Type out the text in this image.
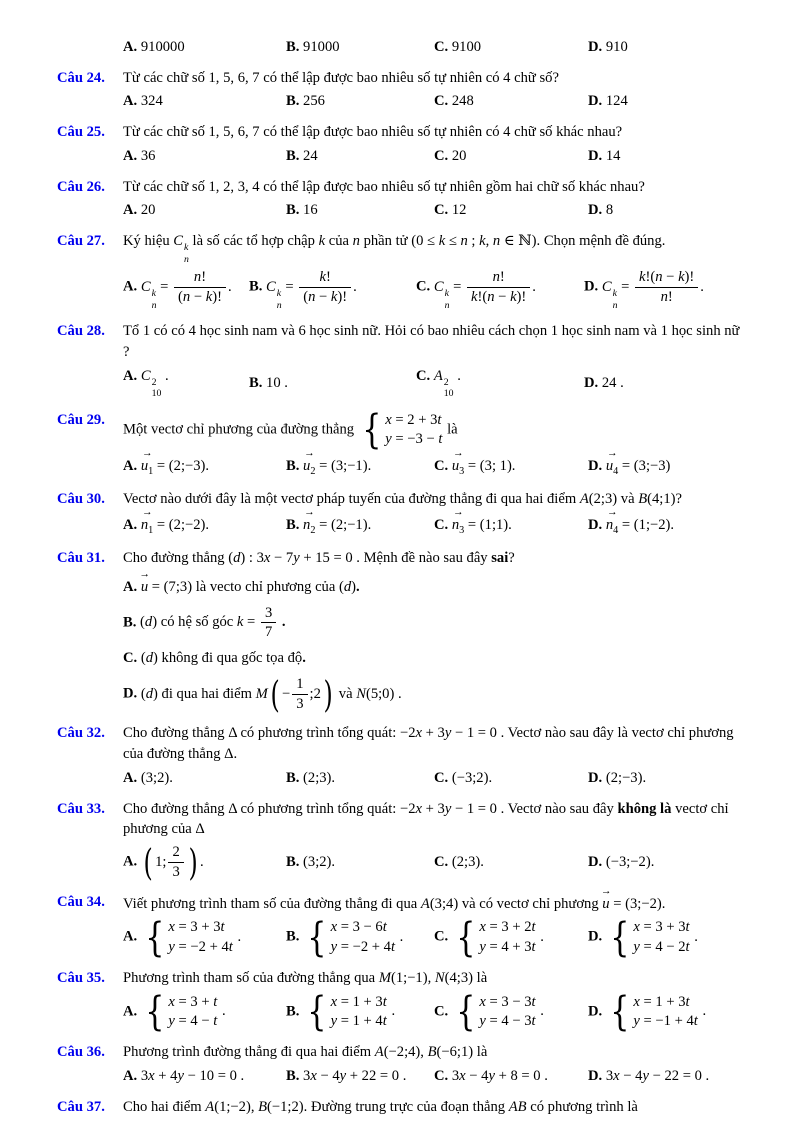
A. 910000	B. 91000	C. 9100	D. 910
Câu 24.	Từ các chữ số 1, 5, 6, 7 có thể lập được bao nhiêu số tự nhiên có 4 chữ số?
A. 324	B. 256	C. 248	D. 124
Câu 25.	Từ các chữ số 1, 5, 6, 7 có thể lập được bao nhiêu số tự nhiên có 4 chữ số khác nhau?
A. 36	B. 24	C. 20	D. 14
Câu 26.	Từ các chữ số 1, 2, 3, 4 có thể lập được bao nhiêu số tự nhiên gồm hai chữ số khác nhau?
A. 20	B. 16	C. 12	D. 8
Câu 27.	Ký hiệu C k
n
là số các tổ hợp chập k của n phần tử (0 ≤ k ≤ n ; k, n ∈ ℕ). Chọn mệnh đề đúng.
A. C k
n
= $\frac{n!}{(n - k)!}$ .	B. C k
n
= $\frac{k!}{(n - k)!}$ .	C. C k
n
= $\frac{n!}{k!(n - k)!}$ .	D. C k
n
= $\frac{k!(n - k)!}{n!}$ .
Câu 28.	Tổ 1 có có 4 học sinh nam và 6 học sinh nữ. Hỏi có bao nhiêu cách chọn 1 học sinh nam và 1 học sinh nữ ?
A. C 2
10
.	B. 10 .	C. A 2
10
.	D. 24 .
Câu 29.
Một vectơ chỉ phương của đường thẳng { x = 2 + 3t
y = −3 − t
là
A. → $u_1$ = (2;−3).	B. → $u_2$ = (3;−1).	C. → $u_3 = (3$; 1).	D. → $u_4$ = (3;−3)
Câu 30.	Vectơ nào dưới đây là một vectơ pháp tuyến của đường thẳng đi qua hai điểm A(2;3) và B(4;1)?
A. → $n_1$ = (2;−2).	B. → $n_2$ = (2;−1).	C. → $n_3$ = (1;1).	D. → $n_4$ = (1;−2).
Câu 31.	Cho đường thẳng (d) : 3x − 7y + 15 = 0 . Mệnh đề nào sau đây sai?
A. → u = (7;3) là vecto chỉ phương của (d).
B. (d) có hệ số góc $k = \frac{3}{7}$ .
C. (d) không đi qua gốc tọa độ.
D. (d) đi qua hai điểm M ( −
1
3
;2 ) và N(5;0) .
Câu 32.	Cho đường thẳng Δ có phương trình tổng quát: −2x + 3y − 1 = 0 . Vectơ nào sau đây là vectơ chỉ phương của đường thẳng Δ.
A. (3;2).	B. (2;3).	C. (−3;2).	D. (2;−3).
Câu 33.	Cho đường thẳng Δ có phương trình tổng quát: −2x + 3y − 1 = 0 . Vectơ nào sau đây không là vectơ chỉ phương của Δ
A. ( 1;
2
3 ) .	B. (3;2).	C. (2;3).	D. (−3;−2).
Câu 34.	Viết phương trình tham số của đường thẳng đi qua A(3;4) và có vectơ chỉ phương → u = (3;−2).
A. { x = 3 + 3t
y = −2 + 4t
.	B. { x = 3 − 6t
y = −2 + 4t
.	C. { x = 3 + 2t
y = 4 + 3t
.	D. { x = 3 + 3t
y = 4 − 2t
.
Câu 35.	Phương trình tham số của đường thẳng qua M(1;−1), N(4;3) là
A. { x = 3 + t
y = 4 − t
.	B. { x = 1 + 3t
y = 1 + 4t
.	C. { x = 3 − 3t
y = 4 − 3t
.	D. { x = 1 + 3t
y = −1 + 4t
.
Câu 36.	Phương trình đường thẳng đi qua hai điểm A(−2;4), B(−6;1) là
A. 3x + 4y − 10 = 0 .	B. 3x − 4y + 22 = 0 .	C. 3x − 4y + 8 = 0 .	D. 3x − 4y − 22 = 0 .
Câu 37.	Cho hai điểm A(1;−2), B(−1;2). Đường trung trực của đoạn thẳng AB có phương trình là
